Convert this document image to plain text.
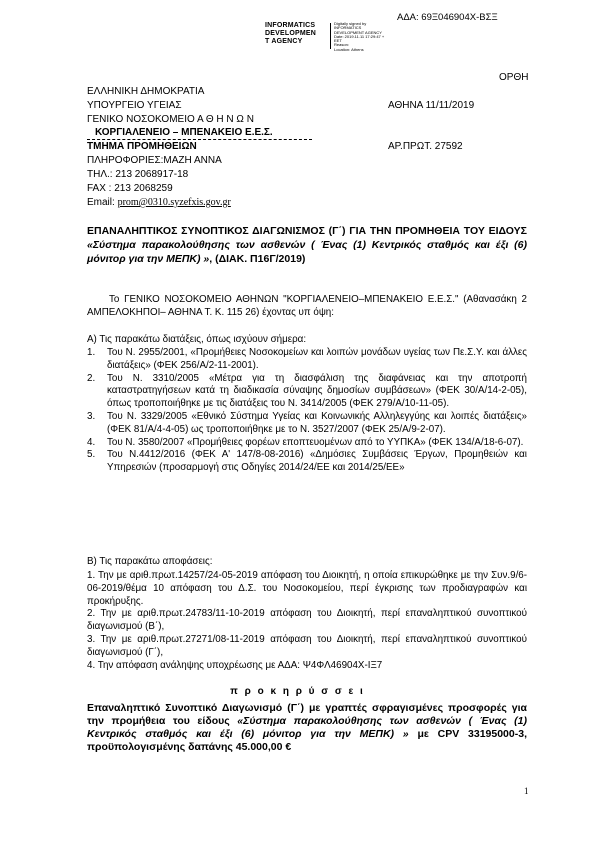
ΑΔΑ: 69Ξ046904Χ-ΒΣΞ
INFORMATICS
DEVELOPMEN
T AGENCY
Digitally signed by
INFORMATICS
DEVELOPMENT AGENCY
Date: 2019.11.11 17:29:47 +
EET
Reason:
Location: Athens
ΟΡΘΗ
ΕΛΛΗΝΙΚΗ ΔΗΜΟΚΡΑΤΙΑ
ΥΠΟΥΡΓΕΙΟ ΥΓΕΙΑΣ	ΑΘΗΝΑ 11/11/2019
ΓΕΝΙΚΟ ΝΟΣΟΚΟΜΕΙΟ Α Θ Η Ν Ω Ν
ΚΟΡΓΙΑΛΕΝΕΙΟ – ΜΠΕΝΑΚΕΙΟ Ε.Ε.Σ.
ΤΜΗΜΑ ΠΡΟΜΗΘΕΙΩΝ	ΑΡ.ΠΡΩΤ. 27592
ΠΛΗΡΟΦΟΡΙΕΣ:ΜΑΖΗ ΑΝΝΑ
ΤΗΛ.: 213 2068917-18
FAX : 213 2068259
Email: prom@0310.syzefxis.gov.gr
ΕΠΑΝΑΛΗΠΤΙΚΟΣ ΣΥΝΟΠΤΙΚΟΣ ΔΙΑΓΩΝΙΣΜΟΣ (Γ΄) ΓΙΑ ΤΗΝ ΠΡΟΜΗΘΕΙΑ ΤΟΥ ΕΙΔΟΥΣ «Σύστημα παρακολούθησης των ασθενών ( Ένας (1) Κεντρικός σταθμός και έξι (6) μόνιτορ για την ΜΕΠΚ) », (ΔΙΑΚ. Π16Γ/2019)
Το ΓΕΝΙΚΟ ΝΟΣΟΚΟΜΕΙΟ ΑΘΗΝΩΝ "ΚΟΡΓΙΑΛΕΝΕΙΟ–ΜΠΕΝΑΚΕΙΟ Ε.Ε.Σ." (Αθανασάκη 2 ΑΜΠΕΛΟΚΗΠΟΙ– ΑΘΗΝΑ Τ. Κ. 115 26) έχοντας υπ όψη:
Α) Τις παρακάτω διατάξεις, όπως ισχύουν σήμερα:
1.	Του Ν. 2955/2001, «Προμήθειες Νοσοκομείων και λοιπών μονάδων υγείας των Πε.Σ.Υ. και άλλες διατάξεις» (ΦΕΚ 256/Α/2-11-2001).
2.	Του Ν. 3310/2005 «Μέτρα για τη διασφάλιση της διαφάνειας και την αποτροπή καταστρατηγήσεων κατά τη διαδικασία σύναψης δημοσίων συμβάσεων» (ΦΕΚ 30/Α/14-2-05), όπως τροποποιήθηκε με τις διατάξεις του Ν. 3414/2005 (ΦΕΚ 279/Α/10-11-05).
3.	Του Ν. 3329/2005 «Εθνικό Σύστημα Υγείας και Κοινωνικής Αλληλεγγύης και λοιπές διατάξεις» (ΦΕΚ 81/Α/4-4-05) ως τροποποιήθηκε με το Ν. 3527/2007 (ΦΕΚ 25/Α/9-2-07).
4.	Του Ν. 3580/2007 «Προμήθειες φορέων εποπτευομένων από το ΥΥΠΚΑ» (ΦΕΚ 134/Α/18-6-07).
5.	Του Ν.4412/2016 (ΦΕΚ Α' 147/8-08-2016) «Δημόσιες Συμβάσεις Έργων, Προμηθειών και Υπηρεσιών (προσαρμογή στις Οδηγίες 2014/24/ΕΕ και 2014/25/ΕΕ»
Β) Τις παρακάτω αποφάσεις:
1. Την με αριθ.πρωτ.14257/24-05-2019 απόφαση του Διοικητή, η οποία επικυρώθηκε με την Συν.9/6-06-2019/θέμα 10 απόφαση του Δ.Σ. του Νοσοκομείου, περί έγκρισης των προδιαγραφών και προκήρυξης.
2. Την με αριθ.πρωτ.24783/11-10-2019 απόφαση του Διοικητή, περί επαναληπτικού συνοπτικού διαγωνισμού (Β΄),
3. Την με αριθ.πρωτ.27271/08-11-2019 απόφαση του Διοικητή, περί επαναληπτικού συνοπτικού διαγωνισμού (Γ΄),
4. Την απόφαση ανάληψης υποχρέωσης με ΑΔΑ: Ψ4ΦΛ46904Χ-ΙΞ7
π ρ ο κ η ρ ύ σ σ ε ι
Επαναληπτικό Συνοπτικό Διαγωνισμό (Γ΄) με γραπτές σφραγισμένες προσφορές για την προμήθεια του είδους «Σύστημα παρακολούθησης των ασθενών ( Ένας (1) Κεντρικός σταθμός και έξι (6) μόνιτορ για την ΜΕΠΚ) » με CPV 33195000-3, προϋπολογισμένης δαπάνης 45.000,00 €
1
